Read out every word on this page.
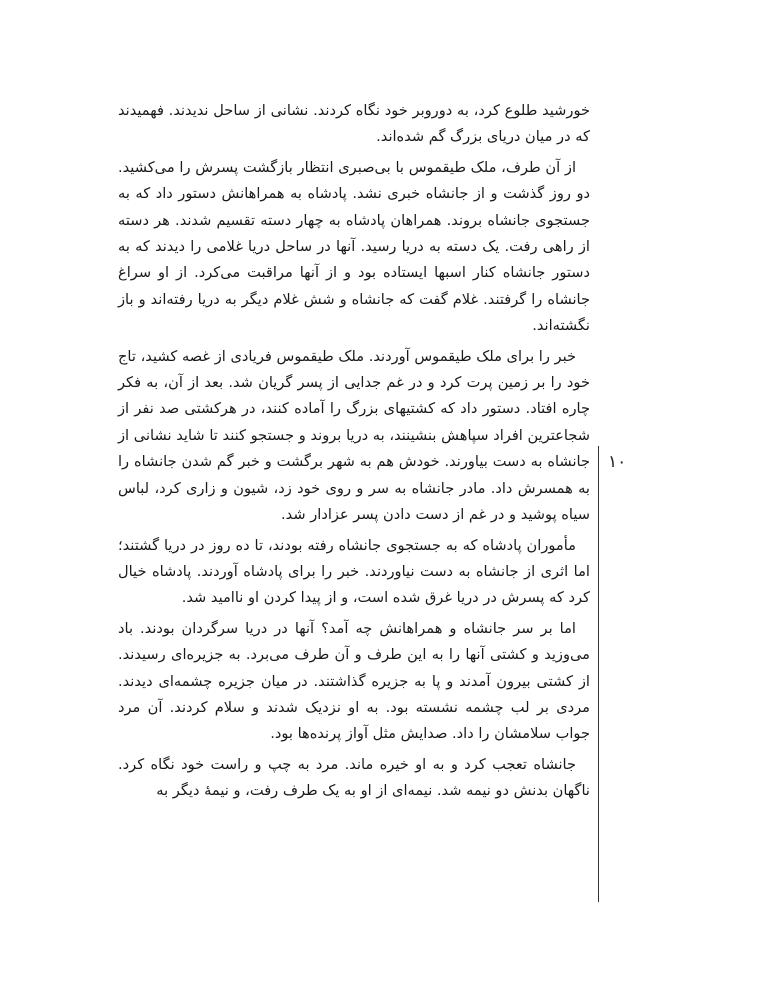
خورشید طلوع کرد، به دوروبر خود نگاه کردند. نشانی از ساحل ندیدند. فهمیدند که در میان دریای بزرگ گم شده‌اند.

از آن طرف، ملک طیقموس با بی‌صبری انتظار بازگشت پسرش را می‌کشید. دو روز گذشت و از جانشاه خبری نشد. پادشاه به همراهانش دستور داد که به جستجوی جانشاه بروند. همراهان پادشاه به چهار دسته تقسیم شدند. هر دسته از راهی رفت. یک دسته به دریا رسید. آنها در ساحل دریا غلامی را دیدند که به دستور جانشاه کنار اسبها ایستاده بود و از آنها مراقبت می‌کرد. از او سراغ جانشاه را گرفتند. غلام گفت که جانشاه و شش غلام دیگر به دریا رفته‌اند و باز نگشته‌اند.

خبر را برای ملک طیقموس آوردند. ملک طیقموس فریادی از غصه کشید، تاج خود را بر زمین پرت کرد و در غم جدایی از پسر گریان شد. بعد از آن، به فکر چاره افتاد. دستور داد که کشتیهای بزرگ را آماده کنند، در هرکشتی صد نفر از شجاعترین افراد سپاهش بنشینند، به دریا بروند و جستجو کنند تا شاید نشانی از جانشاه به دست بیاورند. خودش هم به شهر برگشت و خبر گم شدن جانشاه را به همسرش داد. مادر جانشاه به سر و روی خود زد، شیون و زاری کرد، لباس سیاه پوشید و در غم از دست دادن پسر عزادار شد.

مأموران پادشاه که به جستجوی جانشاه رفته بودند، تا ده روز در دریا گشتند؛ اما اثری از جانشاه به دست نیاوردند. خبر را برای پادشاه آوردند. پادشاه خیال کرد که پسرش در دریا غرق شده است، و از پیدا کردن او ناامید شد.

اما بر سر جانشاه و همراهانش چه آمد؟ آنها در دریا سرگردان بودند. باد می‌وزید و کشتی آنها را به این طرف و آن طرف می‌برد. به جزیره‌ای رسیدند. از کشتی بیرون آمدند و پا به جزیره گذاشتند. در میان جزیره چشمه‌ای دیدند. مردی بر لب چشمه نشسته بود. به او نزدیک شدند و سلام کردند. آن مرد جواب سلامشان را داد. صدایش مثل آواز پرنده‌ها بود.

جانشاه تعجب کرد و به او خیره ماند. مرد به چپ و راست خود نگاه کرد. ناگهان بدنش دو نیمه شد. نیمه‌ای از او به یک طرف رفت، و نیمهٔ دیگر به

۱۰
